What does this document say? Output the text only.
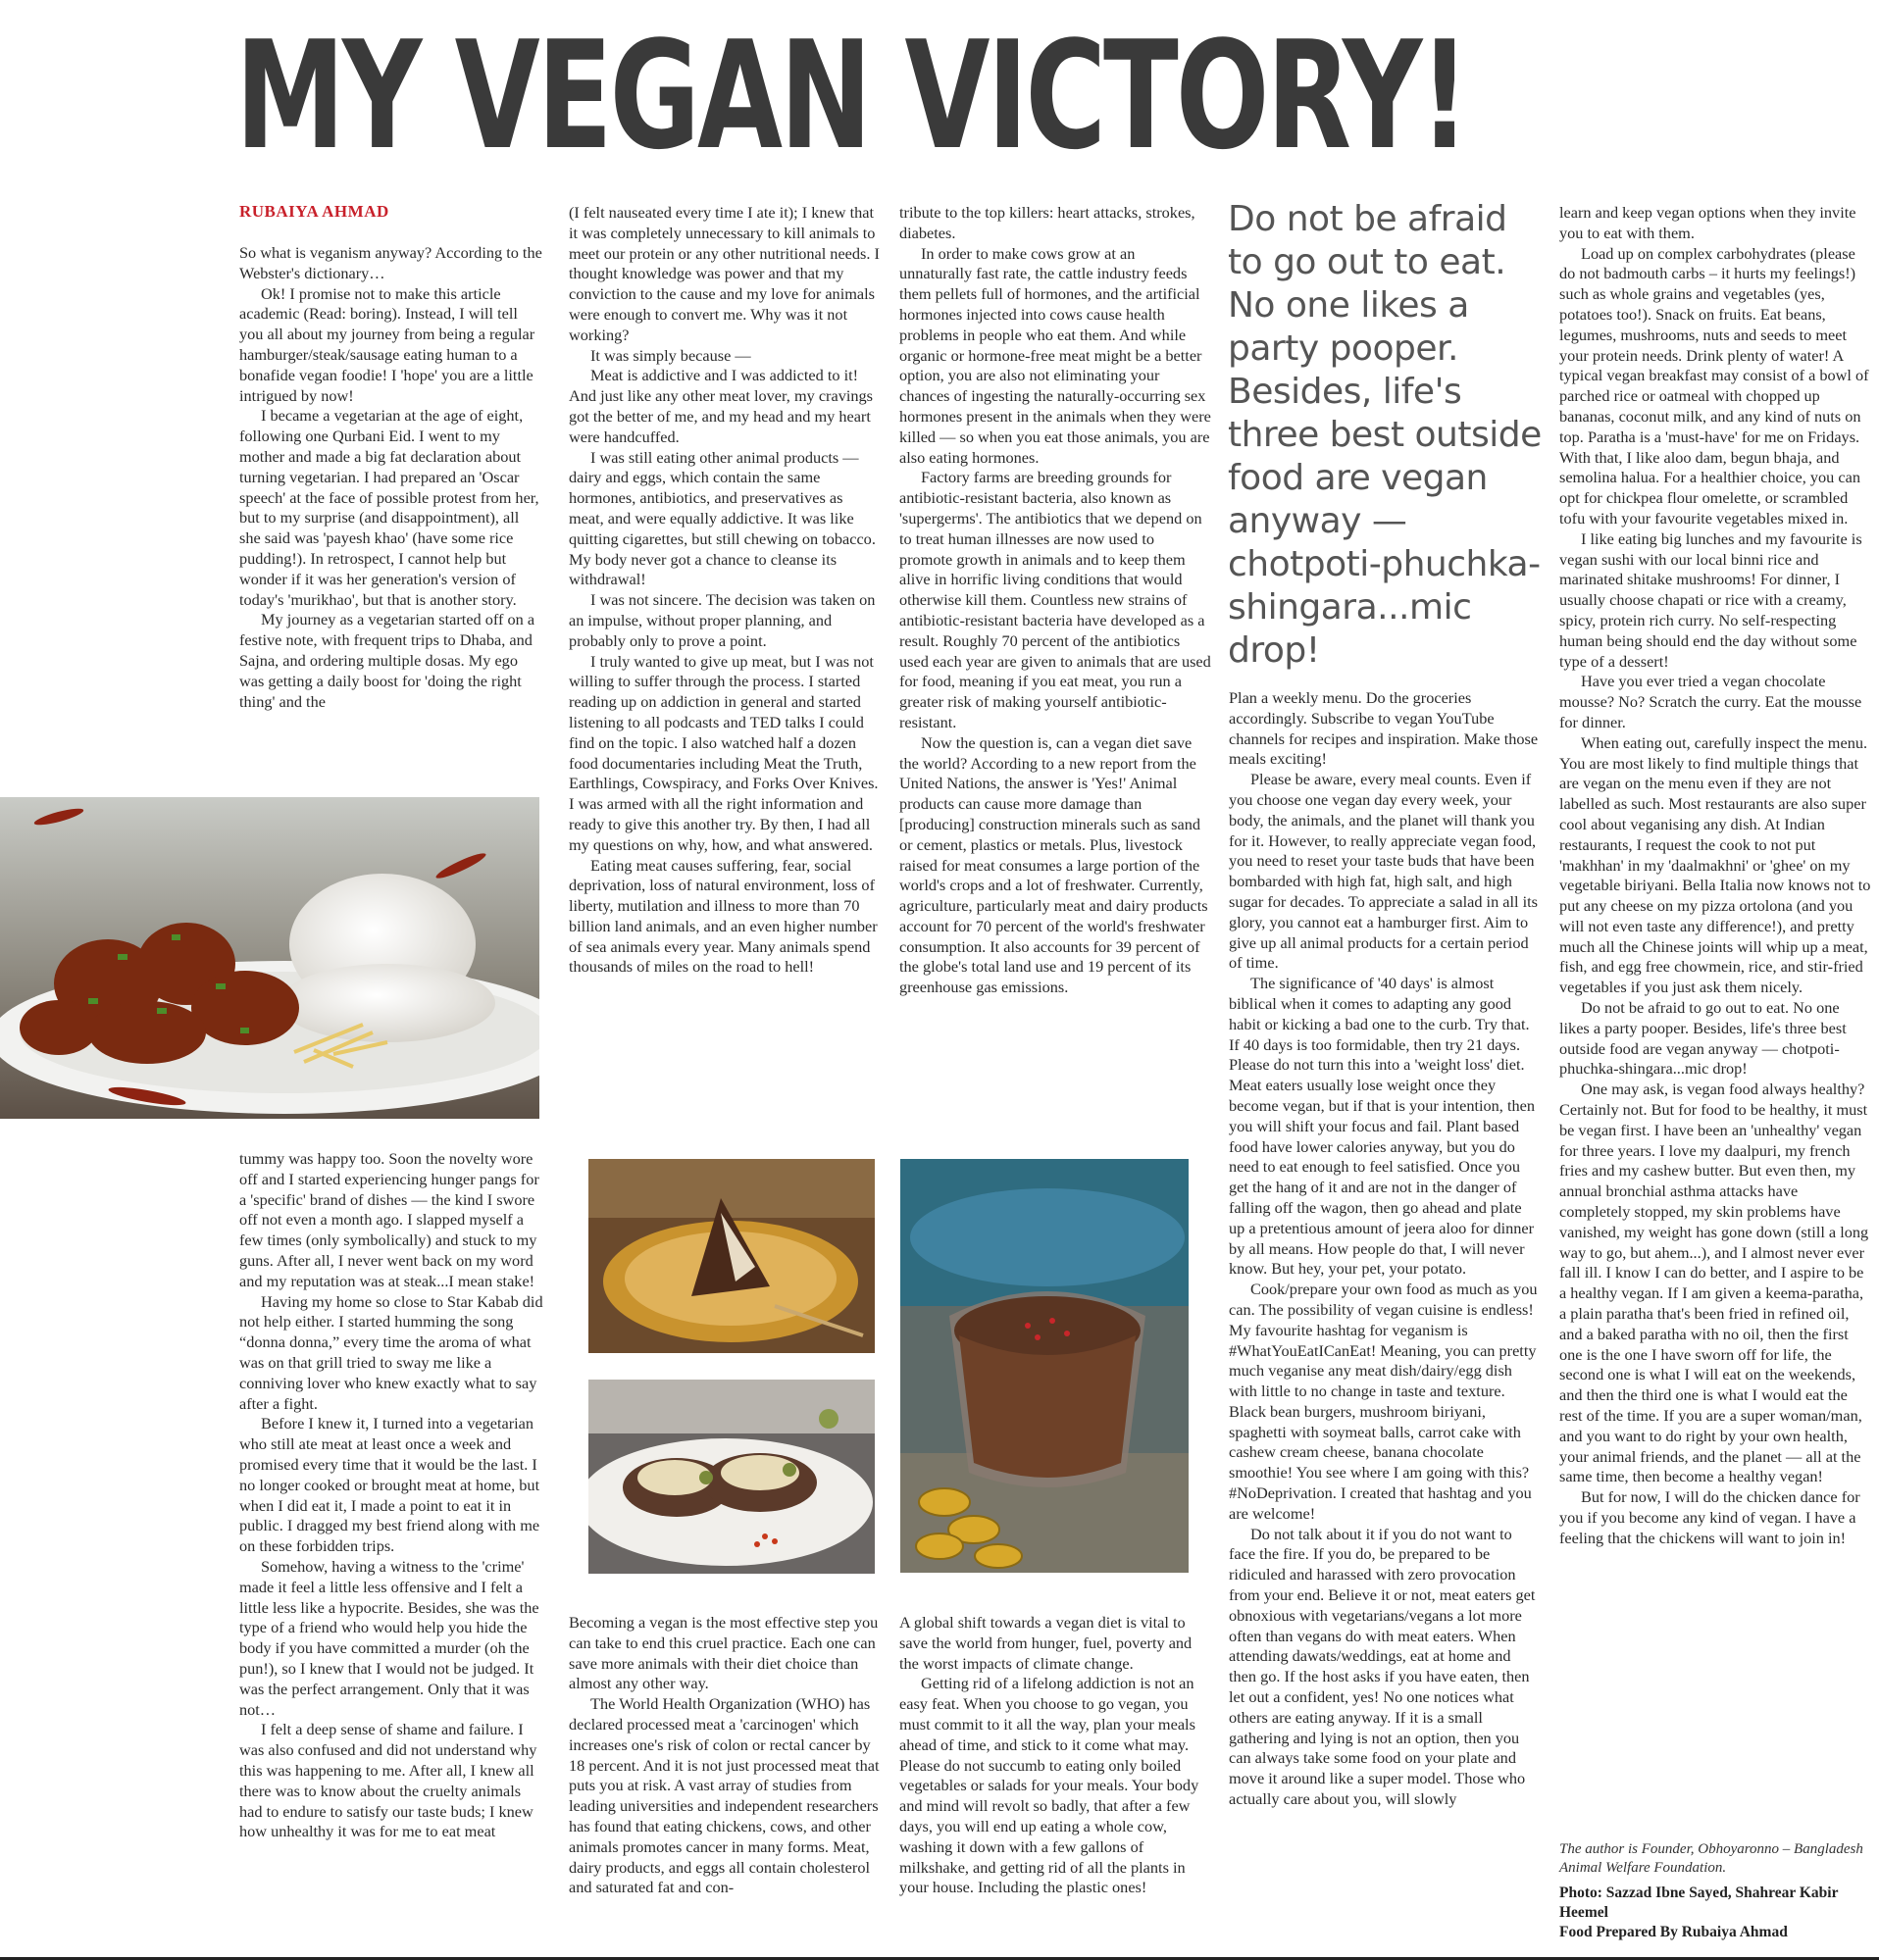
MY VEGAN VICTORY!

RUBAIYA AHMAD

So what is veganism anyway? According to the Webster's dictionary…

Ok! I promise not to make this article academic (Read: boring). Instead, I will tell you all about my journey from being a regular hamburger/steak/sausage eating human to a bonafide vegan foodie! I 'hope' you are a little intrigued by now!

I became a vegetarian at the age of eight, following one Qurbani Eid. I went to my mother and made a big fat declaration about turning vegetarian. I had prepared an 'Oscar speech' at the face of possible protest from her, but to my surprise (and disappointment), all she said was 'payesh khao' (have some rice pudding!). In retrospect, I cannot help but wonder if it was her generation's version of today's 'murikhao', but that is another story.

My journey as a vegetarian started off on a festive note, with frequent trips to Dhaba, and Sajna, and ordering multiple dosas. My ego was getting a daily boost for 'doing the right thing' and the

tummy was happy too. Soon the novelty wore off and I started experiencing hunger pangs for a 'specific' brand of dishes — the kind I swore off not even a month ago. I slapped myself a few times (only symbolically) and stuck to my guns. After all, I never went back on my word and my reputation was at steak...I mean stake!

Having my home so close to Star Kabab did not help either. I started humming the song “donna donna,” every time the aroma of what was on that grill tried to sway me like a conniving lover who knew exactly what to say after a fight.

Before I knew it, I turned into a vegetarian who still ate meat at least once a week and promised every time that it would be the last. I no longer cooked or brought meat at home, but when I did eat it, I made a point to eat it in public. I dragged my best friend along with me on these forbidden trips.

Somehow, having a witness to the 'crime' made it feel a little less offensive and I felt a little less like a hypocrite. Besides, she was the type of a friend who would help you hide the body if you have committed a murder (oh the pun!), so I knew that I would not be judged. It was the perfect arrangement. Only that it was not…

I felt a deep sense of shame and failure. I was also confused and did not understand why this was happening to me. After all, I knew all there was to know about the cruelty animals had to endure to satisfy our taste buds; I knew how unhealthy it was for me to eat meat

(I felt nauseated every time I ate it); I knew that it was completely unnecessary to kill animals to meet our protein or any other nutritional needs. I thought knowledge was power and that my conviction to the cause and my love for animals were enough to convert me. Why was it not working?

It was simply because —

Meat is addictive and I was addicted to it! And just like any other meat lover, my cravings got the better of me, and my head and my heart were handcuffed.

I was still eating other animal products — dairy and eggs, which contain the same hormones, antibiotics, and preservatives as meat, and were equally addictive. It was like quitting cigarettes, but still chewing on tobacco. My body never got a chance to cleanse its withdrawal!

I was not sincere. The decision was taken on an impulse, without proper planning, and probably only to prove a point.

I truly wanted to give up meat, but I was not willing to suffer through the process. I started reading up on addiction in general and started listening to all podcasts and TED talks I could find on the topic. I also watched half a dozen food documentaries including Meat the Truth, Earthlings, Cowspiracy, and Forks Over Knives. I was armed with all the right information and ready to give this another try. By then, I had all my questions on why, how, and what answered.

Eating meat causes suffering, fear, social deprivation, loss of natural environment, loss of liberty, mutilation and illness to more than 70 billion land animals, and an even higher number of sea animals every year. Many animals spend thousands of miles on the road to hell!

Becoming a vegan is the most effective step you can take to end this cruel practice. Each one can save more animals with their diet choice than almost any other way.

The World Health Organization (WHO) has declared processed meat a 'carcinogen' which increases one's risk of colon or rectal cancer by 18 percent. And it is not just processed meat that puts you at risk. A vast array of studies from leading universities and independent researchers has found that eating chickens, cows, and other animals promotes cancer in many forms. Meat, dairy products, and eggs all contain cholesterol and saturated fat and con-

tribute to the top killers: heart attacks, strokes, diabetes.

In order to make cows grow at an unnaturally fast rate, the cattle industry feeds them pellets full of hormones, and the artificial hormones injected into cows cause health problems in people who eat them. And while organic or hormone-free meat might be a better option, you are also not eliminating your chances of ingesting the naturally-occurring sex hormones present in the animals when they were killed — so when you eat those animals, you are also eating hormones.

Factory farms are breeding grounds for antibiotic-resistant bacteria, also known as 'supergerms'. The antibiotics that we depend on to treat human illnesses are now used to promote growth in animals and to keep them alive in horrific living conditions that would otherwise kill them. Countless new strains of antibiotic-resistant bacteria have developed as a result. Roughly 70 percent of the antibiotics used each year are given to animals that are used for food, meaning if you eat meat, you run a greater risk of making yourself antibiotic-resistant.

Now the question is, can a vegan diet save the world? According to a new report from the United Nations, the answer is 'Yes!' Animal products can cause more damage than [producing] construction minerals such as sand or cement, plastics or metals. Plus, livestock raised for meat consumes a large portion of the world's crops and a lot of freshwater. Currently, agriculture, particularly meat and dairy products account for 70 percent of the world's freshwater consumption. It also accounts for 39 percent of the globe's total land use and 19 percent of its greenhouse gas emissions.

A global shift towards a vegan diet is vital to save the world from hunger, fuel, poverty and the worst impacts of climate change.

Getting rid of a lifelong addiction is not an easy feat. When you choose to go vegan, you must commit to it all the way, plan your meals ahead of time, and stick to it come what may. Please do not succumb to eating only boiled vegetables or salads for your meals. Your body and mind will revolt so badly, that after a few days, you will end up eating a whole cow, washing it down with a few gallons of milkshake, and getting rid of all the plants in your house. Including the plastic ones!

Do not be afraid to go out to eat. No one likes a party pooper. Besides, life's three best outside food are vegan anyway — chotpoti-phuchka-shingara...mic drop!

Plan a weekly menu. Do the groceries accordingly. Subscribe to vegan YouTube channels for recipes and inspiration. Make those meals exciting!

Please be aware, every meal counts. Even if you choose one vegan day every week, your body, the animals, and the planet will thank you for it. However, to really appreciate vegan food, you need to reset your taste buds that have been bombarded with high fat, high salt, and high sugar for decades. To appreciate a salad in all its glory, you cannot eat a hamburger first. Aim to give up all animal products for a certain period of time.

The significance of '40 days' is almost biblical when it comes to adapting any good habit or kicking a bad one to the curb. Try that. If 40 days is too formidable, then try 21 days. Please do not turn this into a 'weight loss' diet. Meat eaters usually lose weight once they become vegan, but if that is your intention, then you will shift your focus and fail. Plant based food have lower calories anyway, but you do need to eat enough to feel satisfied. Once you get the hang of it and are not in the danger of falling off the wagon, then go ahead and plate up a pretentious amount of jeera aloo for dinner by all means. How people do that, I will never know. But hey, your pet, your potato.

Cook/prepare your own food as much as you can. The possibility of vegan cuisine is endless! My favourite hashtag for veganism is #WhatYouEatICanEat! Meaning, you can pretty much veganise any meat dish/dairy/egg dish with little to no change in taste and texture. Black bean burgers, mushroom biriyani, spaghetti with soymeat balls, carrot cake with cashew cream cheese, banana chocolate smoothie! You see where I am going with this? #NoDeprivation. I created that hashtag and you are welcome!

Do not talk about it if you do not want to face the fire. If you do, be prepared to be ridiculed and harassed with zero provocation from your end. Believe it or not, meat eaters get obnoxious with vegetarians/vegans a lot more often than vegans do with meat eaters. When attending dawats/weddings, eat at home and then go. If the host asks if you have eaten, then let out a confident, yes! No one notices what others are eating anyway. If it is a small gathering and lying is not an option, then you can always take some food on your plate and move it around like a super model. Those who actually care about you, will slowly

learn and keep vegan options when they invite you to eat with them.

Load up on complex carbohydrates (please do not badmouth carbs – it hurts my feelings!) such as whole grains and vegetables (yes, potatoes too!). Snack on fruits. Eat beans, legumes, mushrooms, nuts and seeds to meet your protein needs. Drink plenty of water! A typical vegan breakfast may consist of a bowl of parched rice or oatmeal with chopped up bananas, coconut milk, and any kind of nuts on top. Paratha is a 'must-have' for me on Fridays. With that, I like aloo dam, begun bhaja, and semolina halua. For a healthier choice, you can opt for chickpea flour omelette, or scrambled tofu with your favourite vegetables mixed in.

I like eating big lunches and my favourite is vegan sushi with our local binni rice and marinated shitake mushrooms! For dinner, I usually choose chapati or rice with a creamy, spicy, protein rich curry. No self-respecting human being should end the day without some type of a dessert!

Have you ever tried a vegan chocolate mousse? No? Scratch the curry. Eat the mousse for dinner.

When eating out, carefully inspect the menu. You are most likely to find multiple things that are vegan on the menu even if they are not labelled as such. Most restaurants are also super cool about veganising any dish. At Indian restaurants, I request the cook to not put 'makhhan' in my 'daalmakhni' or 'ghee' on my vegetable biriyani. Bella Italia now knows not to put any cheese on my pizza ortolona (and you will not even taste any difference!), and pretty much all the Chinese joints will whip up a meat, fish, and egg free chowmein, rice, and stir-fried vegetables if you just ask them nicely.

Do not be afraid to go out to eat. No one likes a party pooper. Besides, life's three best outside food are vegan anyway — chotpoti-phuchka-shingara...mic drop!

One may ask, is vegan food always healthy? Certainly not. But for food to be healthy, it must be vegan first. I have been an 'unhealthy' vegan for three years. I love my daalpuri, my french fries and my cashew butter. But even then, my annual bronchial asthma attacks have completely stopped, my skin problems have vanished, my weight has gone down (still a long way to go, but ahem...), and I almost never ever fall ill. I know I can do better, and I aspire to be a healthy vegan. If I am given a keema-paratha, a plain paratha that's been fried in refined oil, and a baked paratha with no oil, then the first one is the one I have sworn off for life, the second one is what I will eat on the weekends, and then the third one is what I would eat the rest of the time. If you are a super woman/man, and you want to do right by your own health, your animal friends, and the planet — all at the same time, then become a healthy vegan!

But for now, I will do the chicken dance for you if you become any kind of vegan. I have a feeling that the chickens will want to join in!

The author is Founder, Obhoyaronno – Bangladesh Animal Welfare Foundation.

Photo: Sazzad Ibne Sayed, Shahrear Kabir Heemel
Food Prepared By Rubaiya Ahmad
